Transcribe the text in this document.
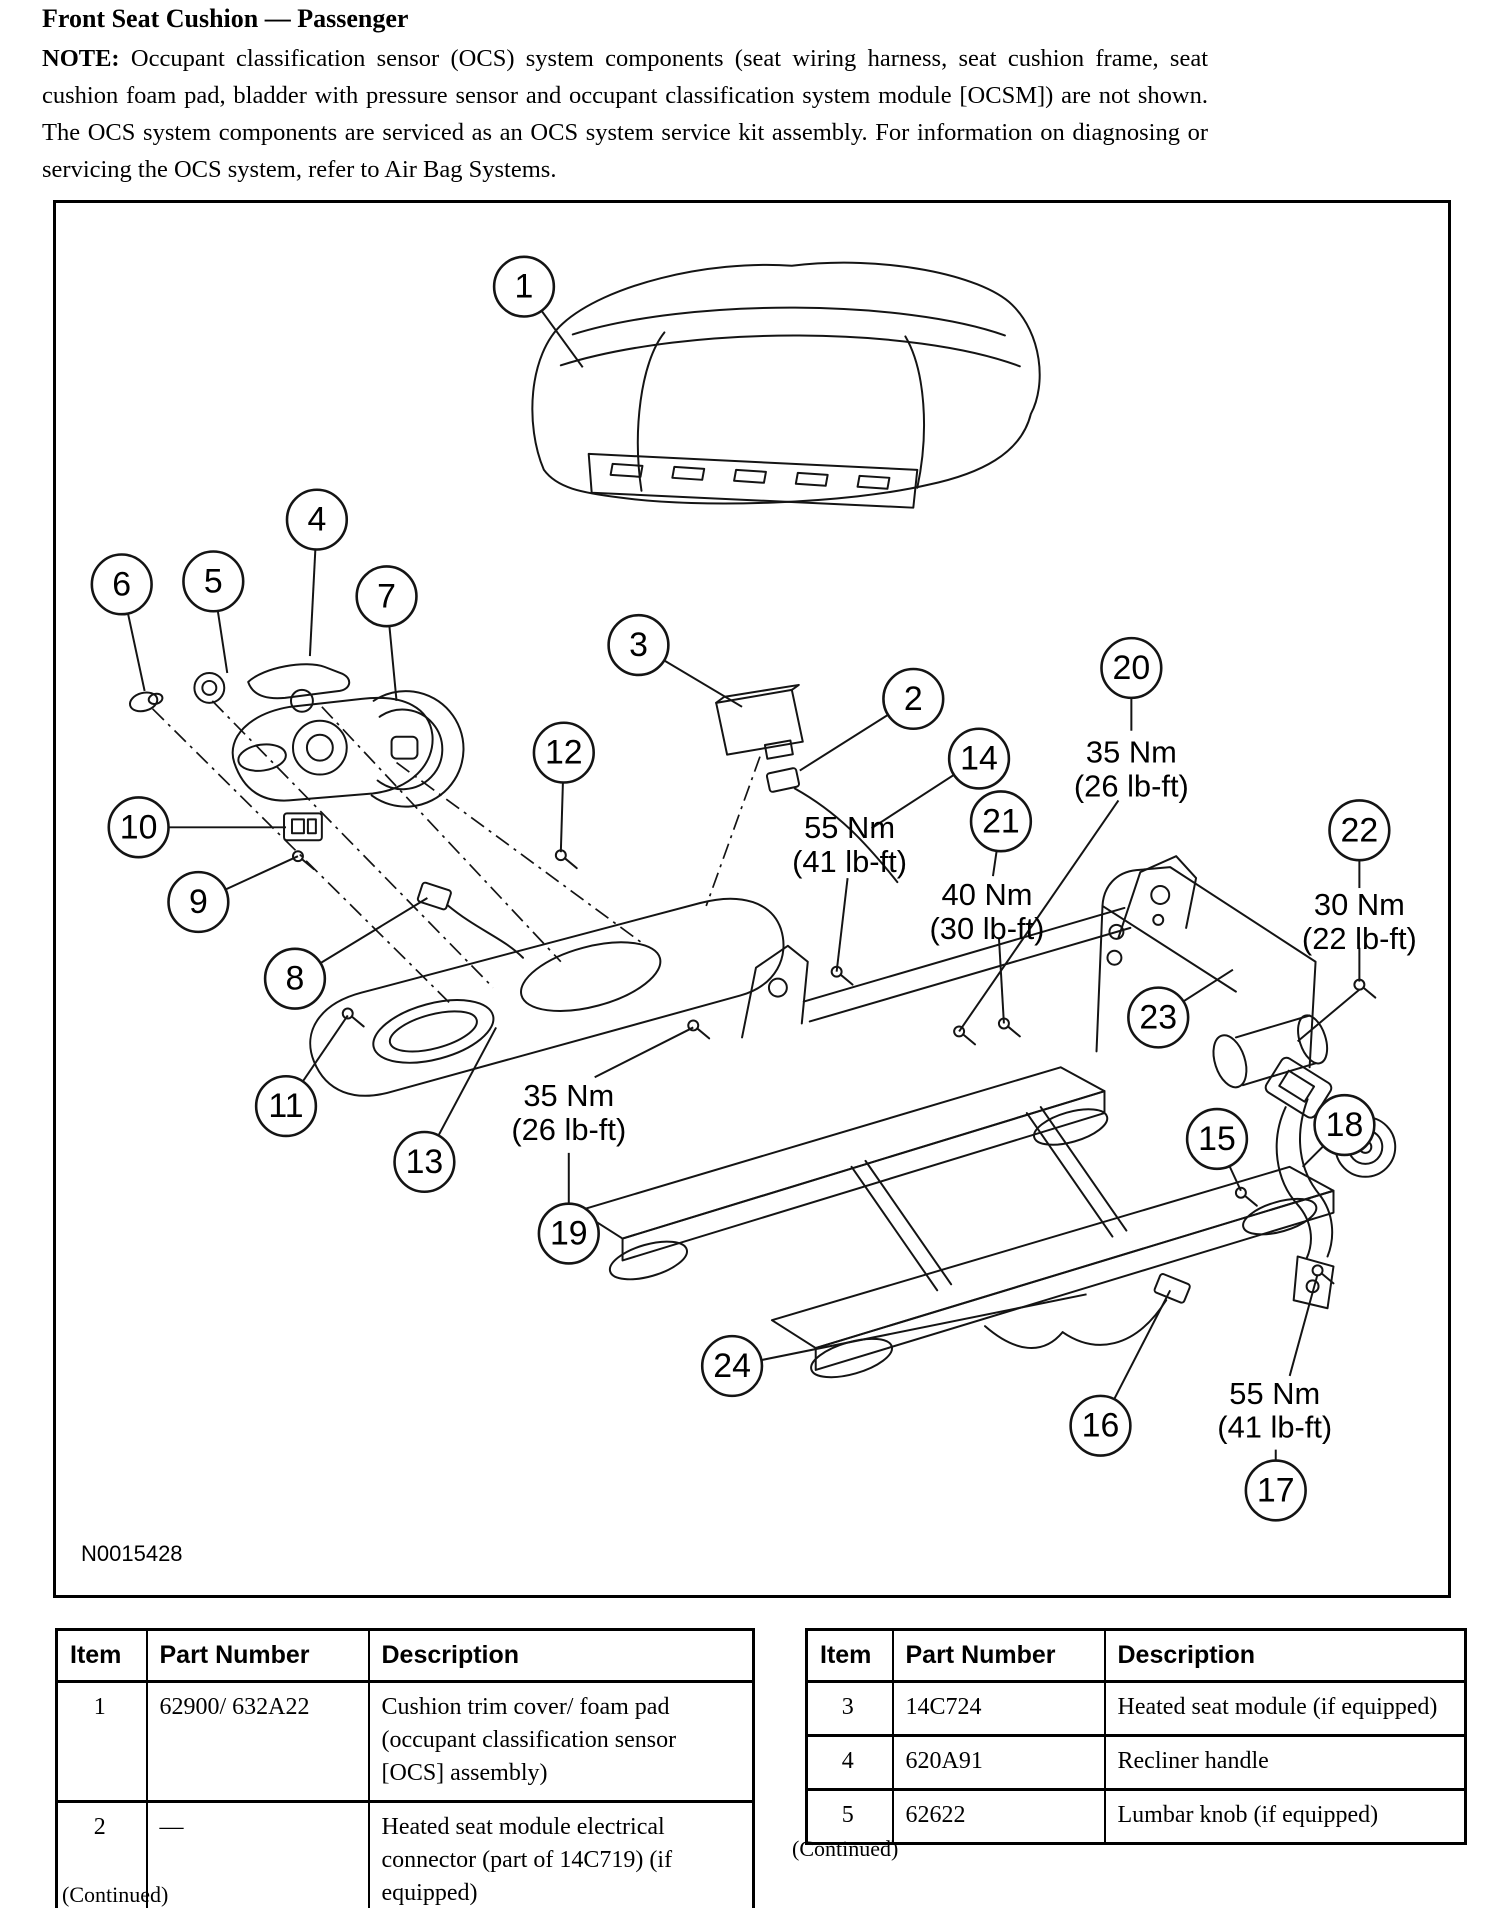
Front Seat Cushion — Passenger

NOTE: Occupant classification sensor (OCS) system components (seat wiring harness, seat cushion frame, seat cushion foam pad, bladder with pressure sensor and occupant classification system module [OCSM]) are not shown. The OCS system components are serviced as an OCS system service kit assembly. For information on diagnosing or servicing the OCS system, refer to Air Bag Systems.

35 Nm (26 lb-ft)
55 Nm (41 lb-ft)
40 Nm (30 lb-ft)
30 Nm (22 lb-ft)
35 Nm (26 lb-ft)
55 Nm (41 lb-ft)
1
2
3
4
5
6	7
8
9
10
11
12
13
14
15
16
17
18
19
20
21	22
23
24
N0015428
Item	Part Number	Description
1	62900/ 632A22	Cushion trim cover/ foam pad (occupant classification sensor [OCS] assembly)
2	—	Heated seat module electrical connector (part of 14C719) (if equipped)
(Continued)
Item	Part Number	Description
3	14C724	Heated seat module (if equipped)
4	620A91	Recliner handle
5	62622	Lumbar knob (if equipped)
(Continued)
